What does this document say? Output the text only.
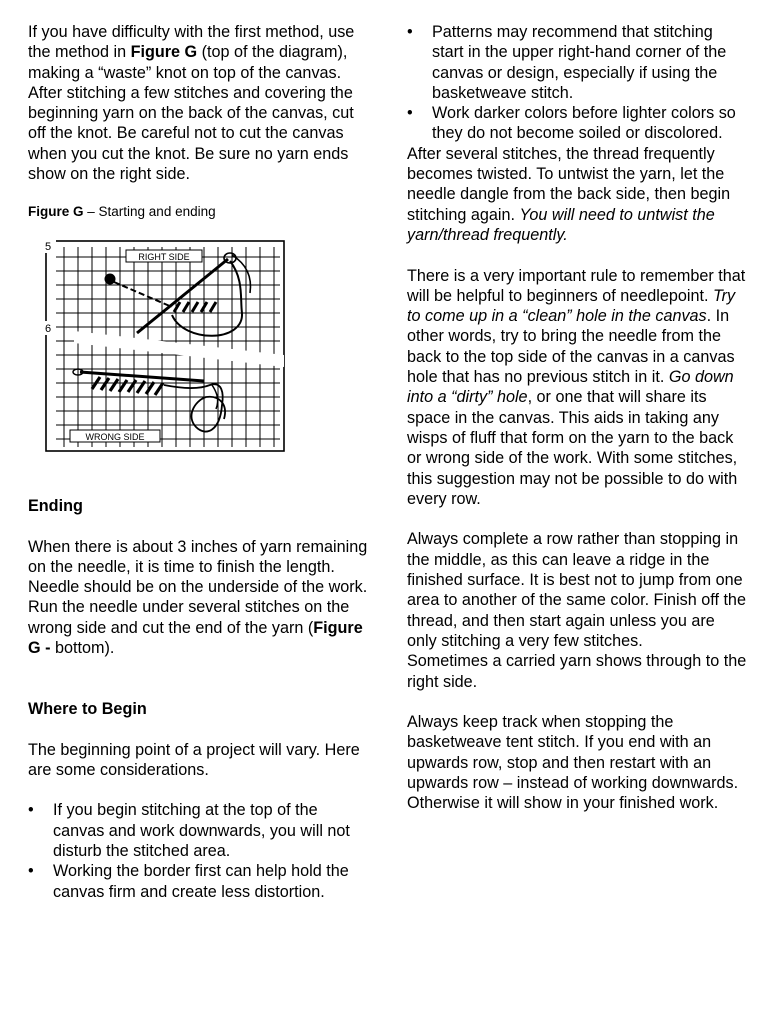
If you have difficulty with the first method, use the method in Figure G (top of the diagram), making a “waste” knot on top of the canvas. After stitching a few stitches and covering the beginning yarn on the back of the canvas, cut off the knot. Be careful not to cut the canvas when you cut the knot. Be sure no yarn ends show on the right side.

Figure G – Starting and ending

RIGHT SIDE
WRONG SIDE
5
6

Ending

When there is about 3 inches of yarn remaining on the needle, it is time to finish the length. Needle should be on the underside of the work. Run the needle under several stitches on the wrong side and cut the end of the yarn (Figure G - bottom).

Where to Begin

The beginning point of a project will vary. Here are some considerations.

• If you begin stitching at the top of the canvas and work downwards, you will not disturb the stitched area.
• Working the border first can help hold the canvas firm and create less distortion.
• Patterns may recommend that stitching start in the upper right-hand corner of the canvas or design, especially if using the basketweave stitch.
• Work darker colors before lighter colors so they do not become soiled or discolored.

After several stitches, the thread frequently becomes twisted. To untwist the yarn, let the needle dangle from the back side, then begin stitching again. You will need to untwist the yarn/thread frequently.

There is a very important rule to remember that will be helpful to beginners of needlepoint. Try to come up in a “clean” hole in the canvas. In other words, try to bring the needle from the back to the top side of the canvas in a canvas hole that has no previous stitch in it. Go down into a “dirty” hole, or one that will share its space in the canvas. This aids in taking any wisps of fluff that form on the yarn to the back or wrong side of the work. With some stitches, this suggestion may not be possible to do with every row.

Always complete a row rather than stopping in the middle, as this can leave a ridge in the finished surface. It is best not to jump from one area to another of the same color. Finish off the thread, and then start again unless you are only stitching a very few stitches.

Sometimes a carried yarn shows through to the right side.

Always keep track when stopping the basketweave tent stitch. If you end with an upwards row, stop and then restart with an upwards row – instead of working downwards. Otherwise it will show in your finished work.
